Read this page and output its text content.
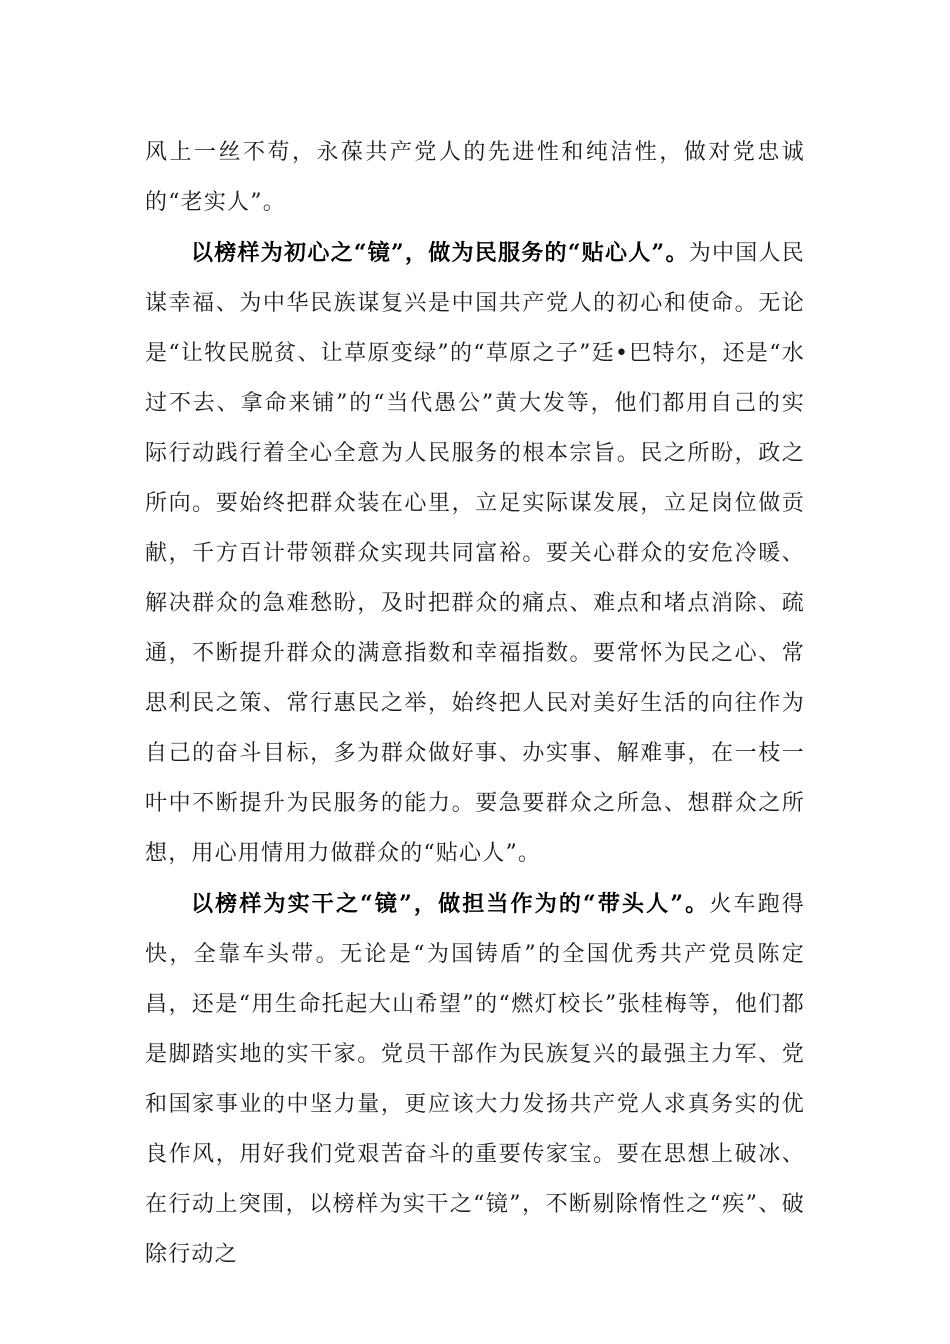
风上一丝不苟，永葆共产党人的先进性和纯洁性，做对党忠诚的“老实人”。

以榜样为初心之“镜”，做为民服务的“贴心人”。为中国人民谋幸福、为中华民族谋复兴是中国共产党人的初心和使命。无论是“让牧民脱贫、让草原变绿”的“草原之子”廷•巴特尔，还是“水过不去、拿命来铺”的“当代愚公”黄大发等，他们都用自己的实际行动践行着全心全意为人民服务的根本宗旨。民之所盼，政之所向。要始终把群众装在心里，立足实际谋发展，立足岗位做贡献，千方百计带领群众实现共同富裕。要关心群众的安危冷暖、解决群众的急难愁盼，及时把群众的痛点、难点和堵点消除、疏通，不断提升群众的满意指数和幸福指数。要常怀为民之心、常思利民之策、常行惠民之举，始终把人民对美好生活的向往作为自己的奋斗目标，多为群众做好事、办实事、解难事，在一枝一叶中不断提升为民服务的能力。要急要群众之所急、想群众之所想，用心用情用力做群众的“贴心人”。

以榜样为实干之“镜”，做担当作为的“带头人”。火车跑得快，全靠车头带。无论是“为国铸盾”的全国优秀共产党员陈定昌，还是“用生命托起大山希望”的“燃灯校长”张桂梅等，他们都是脚踏实地的实干家。党员干部作为民族复兴的最强主力军、党和国家事业的中坚力量，更应该大力发扬共产党人求真务实的优良作风，用好我们党艰苦奋斗的重要传家宝。要在思想上破冰、在行动上突围，以榜样为实干之“镜”，不断剔除惰性之“疾”、破除行动之
